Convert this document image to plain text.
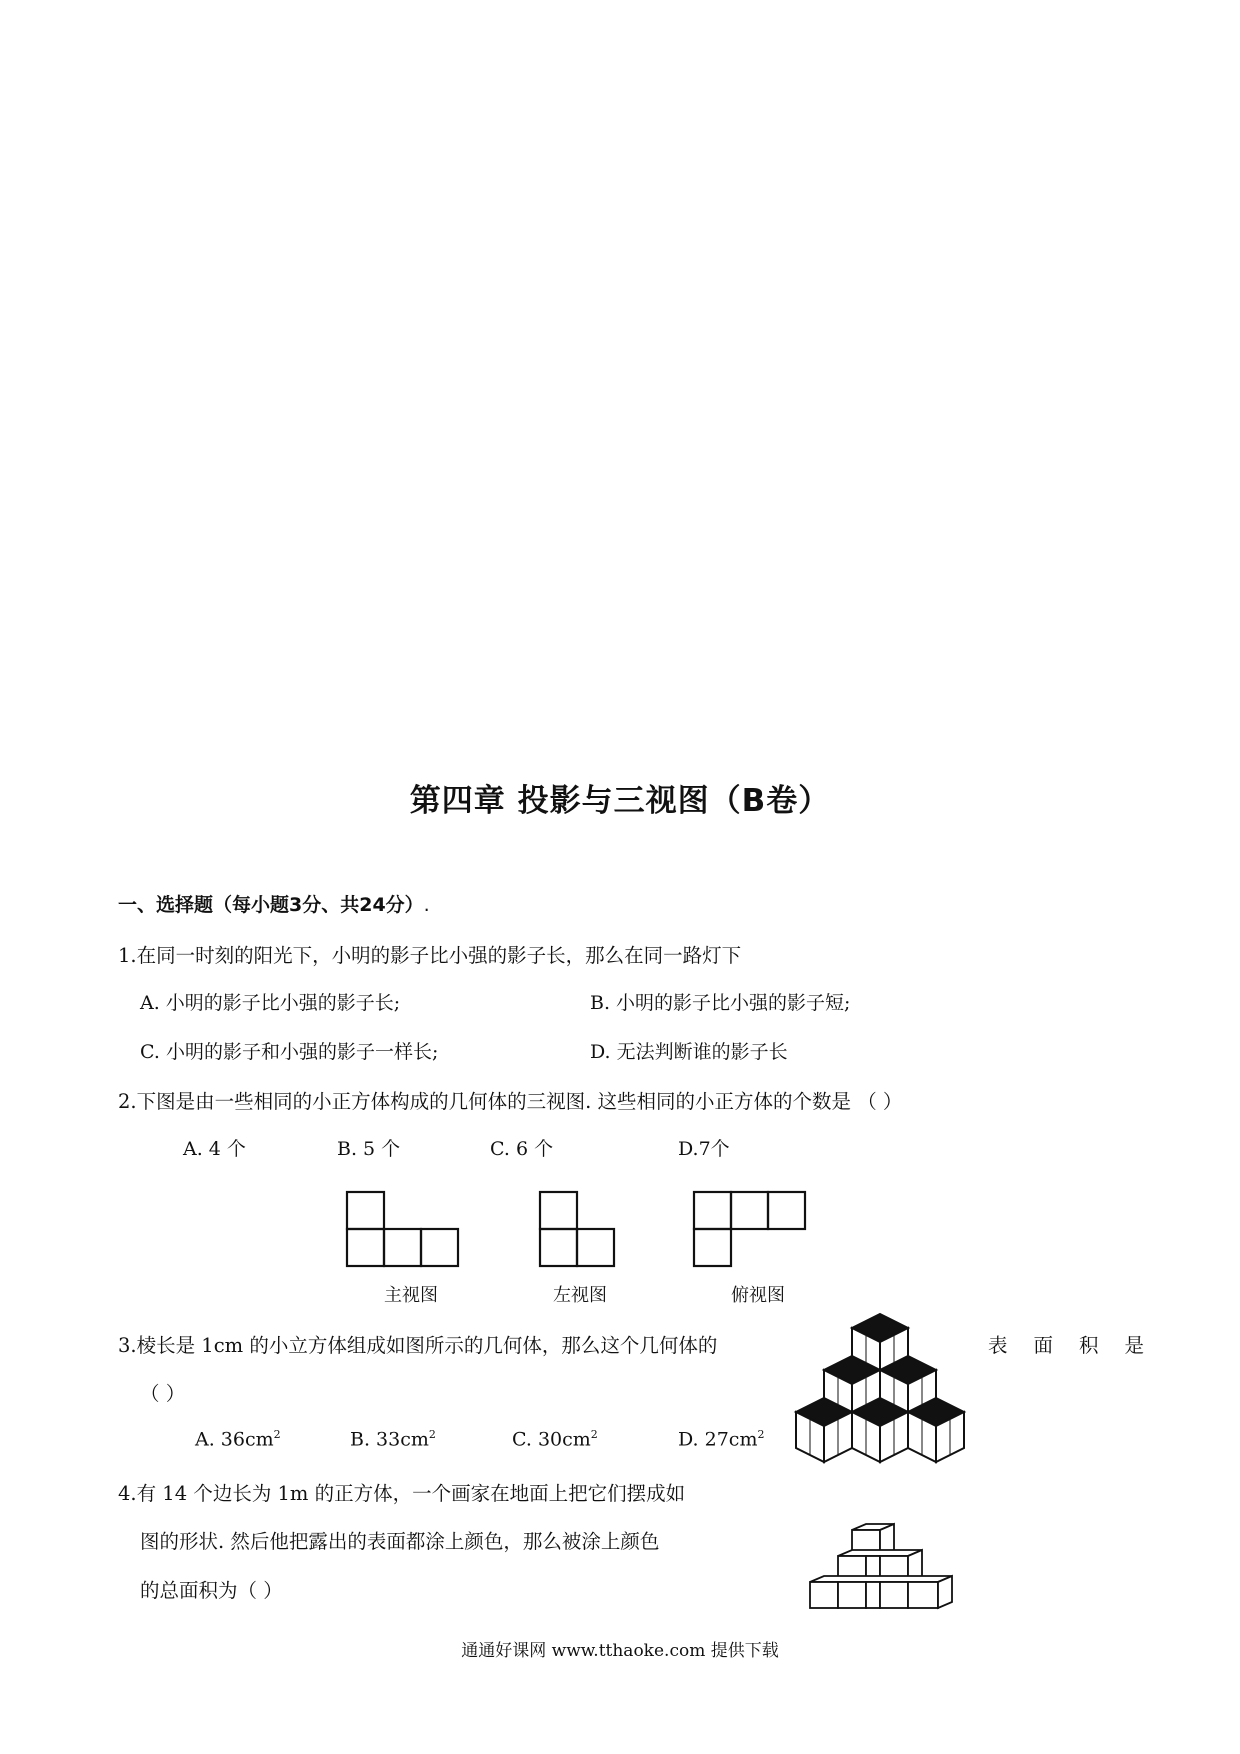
第四章 投影与三视图（B卷）
一、选择题（每小题3分、共24分）.
1.在同一时刻的阳光下，小明的影子比小强的影子长，那么在同一路灯下
A. 小明的影子比小强的影子长;	B. 小明的影子比小强的影子短;
C. 小明的影子和小强的影子一样长;	D. 无法判断谁的影子长
2.下图是由一些相同的小正方体构成的几何体的三视图. 这些相同的小正方体的个数是 （ ）
A. 4 个	B. 5 个	C. 6 个	D.7个
主视图	左视图	俯视图
3.棱长是 1cm 的小立方体组成如图所示的几何体，那么这个几何体的	表面积是
（ ）
A. $36cm^2$	B. $33cm^2$	C. $30cm^2$	D. $27cm^2$
4.有 14 个边长为 1m 的正方体，一个画家在地面上把它们摆成如
图的形状. 然后他把露出的表面都涂上颜色，那么被涂上颜色
的总面积为（ ）
通通好课网 www.tthaoke.com 提供下载
